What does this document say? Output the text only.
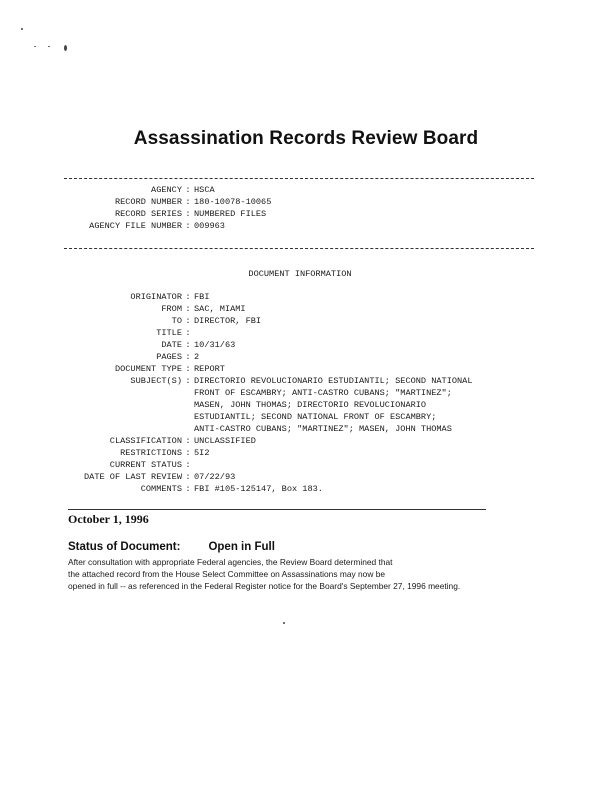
Assassination Records Review Board
AGENCY : HSCA
RECORD NUMBER : 180-10078-10065
RECORD SERIES : NUMBERED FILES
AGENCY FILE NUMBER : 009963
DOCUMENT INFORMATION
ORIGINATOR : FBI
FROM : SAC, MIAMI
TO : DIRECTOR, FBI
TITLE :
DATE : 10/31/63
PAGES : 2
DOCUMENT TYPE : REPORT
SUBJECT(S) : DIRECTORIO REVOLUCIONARIO ESTUDIANTIL; SECOND NATIONAL
FRONT OF ESCAMBRY; ANTI-CASTRO CUBANS; "MARTINEZ";
MASEN, JOHN THOMAS; DIRECTORIO REVOLUCIONARIO
ESTUDIANTIL; SECOND NATIONAL FRONT OF ESCAMBRY;
ANTI-CASTRO CUBANS; "MARTINEZ"; MASEN, JOHN THOMAS
CLASSIFICATION : UNCLASSIFIED
RESTRICTIONS : 5I2
CURRENT STATUS :
DATE OF LAST REVIEW : 07/22/93
COMMENTS : FBI #105-125147, Box 183.
October 1, 1996
Status of Document: Open in Full
After consultation with appropriate Federal agencies, the Review Board determined that
the attached record from the House Select Committee on Assassinations may now be
opened in full -- as referenced in the Federal Register notice for the Board's September 27, 1996 meeting.
